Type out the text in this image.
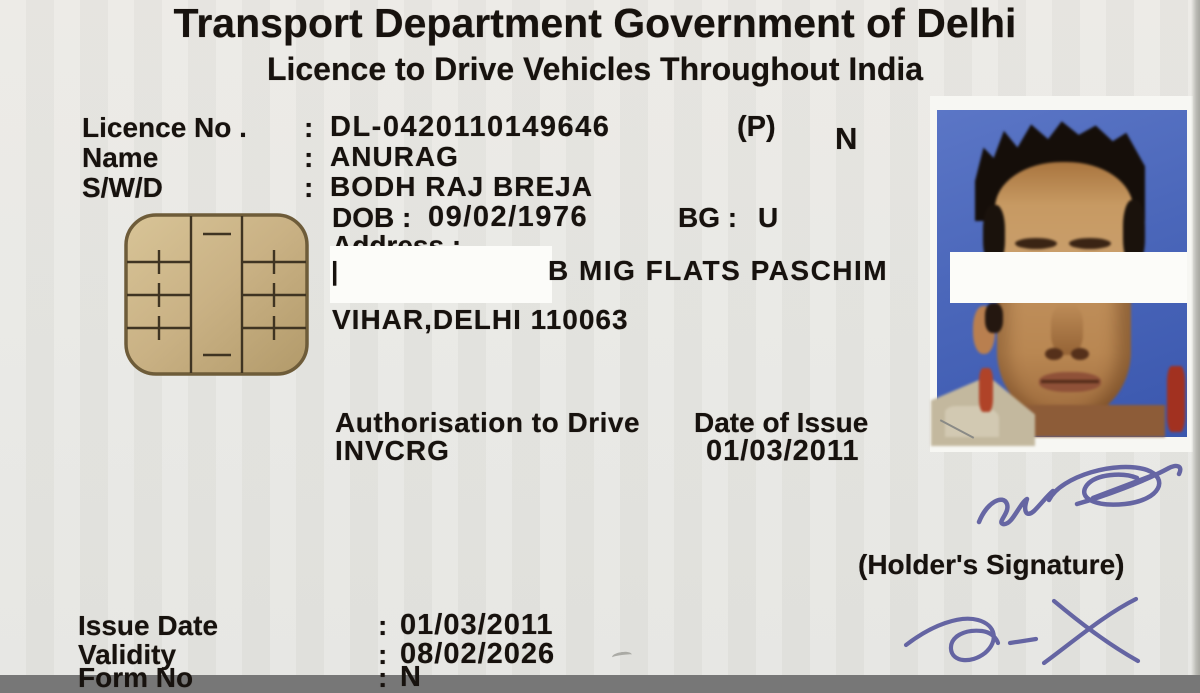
Transport Department Government of Delhi
Licence to Drive Vehicles Throughout India
Licence No . : DL-0420110149646	(P) N
Name	: ANURAG
S/W/D	: BODH RAJ BREJA
DOB : 09/02/1976	BG : U
|	B MIG FLATS PASCHIM
VIHAR,DELHI 110063
Authorisation to Drive
INVCRG
Date of Issue
01/03/2011
(Holder's Signature)
Issue Date	: 01/03/2011
Validity	: 08/02/2026
Form No	: N
